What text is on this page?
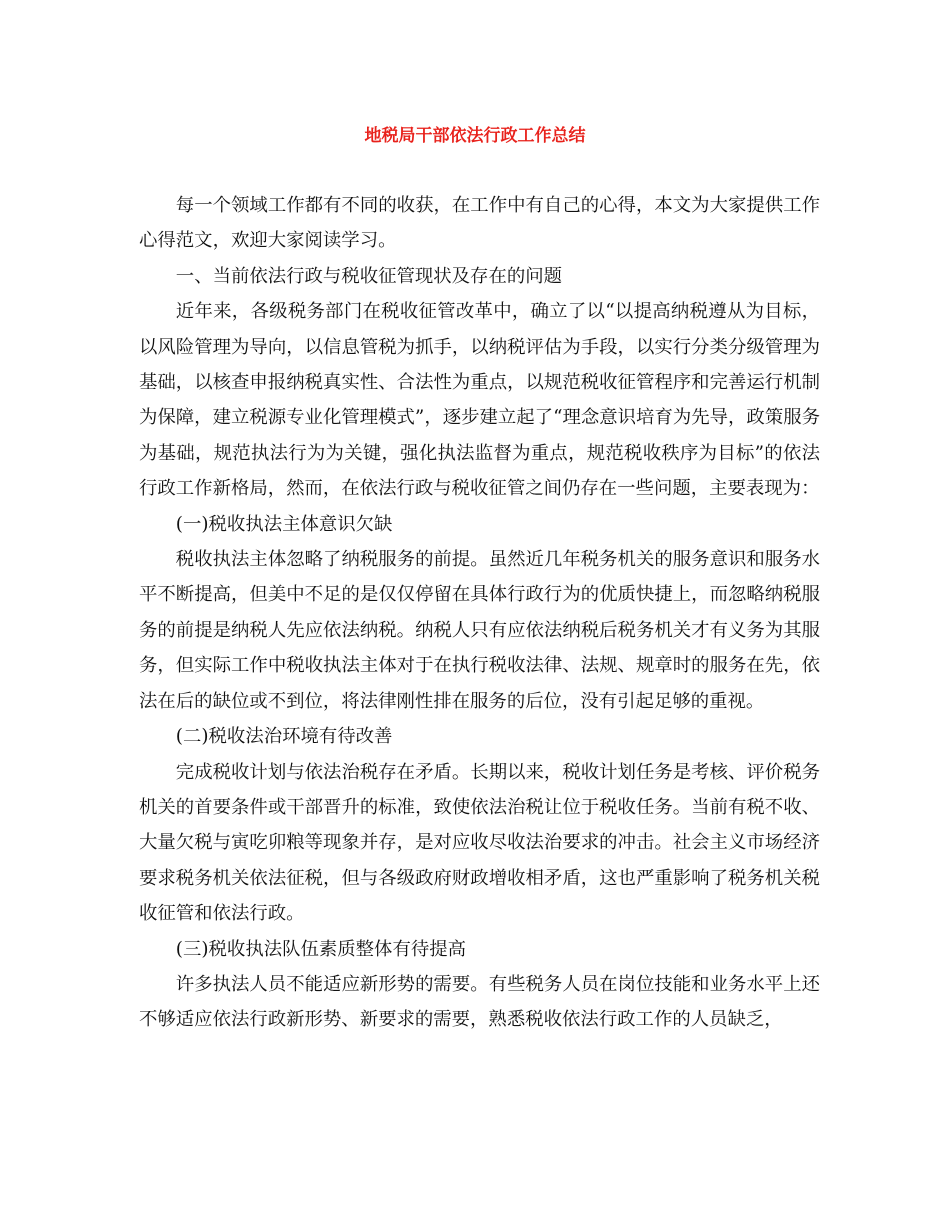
地税局干部依法行政工作总结

每一个领域工作都有不同的收获，在工作中有自己的心得，本文为大家提供工作心得范文，欢迎大家阅读学习。

一、当前依法行政与税收征管现状及存在的问题

近年来，各级税务部门在税收征管改革中，确立了以“以提高纳税遵从为目标，以风险管理为导向，以信息管税为抓手，以纳税评估为手段，以实行分类分级管理为基础，以核查申报纳税真实性、合法性为重点，以规范税收征管程序和完善运行机制为保障，建立税源专业化管理模式”，逐步建立起了“理念意识培育为先导，政策服务为基础，规范执法行为为关键，强化执法监督为重点，规范税收秩序为目标”的依法行政工作新格局，然而，在依法行政与税收征管之间仍存在一些问题，主要表现为：

(一)税收执法主体意识欠缺

税收执法主体忽略了纳税服务的前提。虽然近几年税务机关的服务意识和服务水平不断提高，但美中不足的是仅仅停留在具体行政行为的优质快捷上，而忽略纳税服务的前提是纳税人先应依法纳税。纳税人只有应依法纳税后税务机关才有义务为其服务，但实际工作中税收执法主体对于在执行税收法律、法规、规章时的服务在先，依法在后的缺位或不到位，将法律刚性排在服务的后位，没有引起足够的重视。

(二)税收法治环境有待改善

完成税收计划与依法治税存在矛盾。长期以来，税收计划任务是考核、评价税务机关的首要条件或干部晋升的标准，致使依法治税让位于税收任务。当前有税不收、大量欠税与寅吃卯粮等现象并存，是对应收尽收法治要求的冲击。社会主义市场经济要求税务机关依法征税，但与各级政府财政增收相矛盾，这也严重影响了税务机关税收征管和依法行政。

(三)税收执法队伍素质整体有待提高

许多执法人员不能适应新形势的需要。有些税务人员在岗位技能和业务水平上还不够适应依法行政新形势、新要求的需要，熟悉税收依法行政工作的人员缺乏，
